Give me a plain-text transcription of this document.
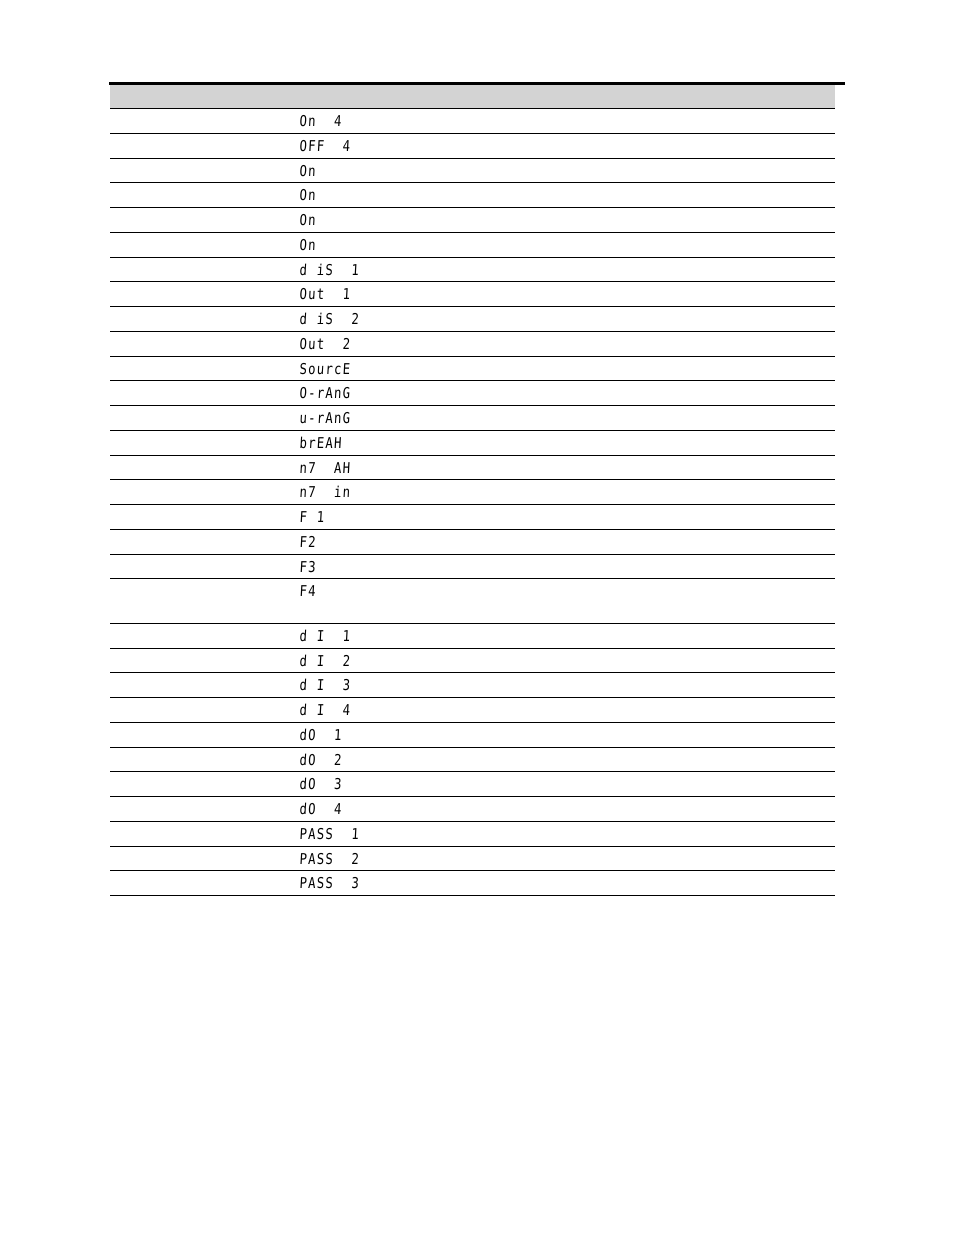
On  4
OFF  4
On
On
On
On
d iS  1
Out  1
d iS  2
Out  2
SourcE
O-rAnG
u-rAnG
brEAH
n7  AH
n7  in
F 1
F2
F3
F4
d I  1
d I  2
d I  3
d I  4
dO  1
dO  2
dO  3
dO  4
PASS  1
PASS  2
PASS  3
